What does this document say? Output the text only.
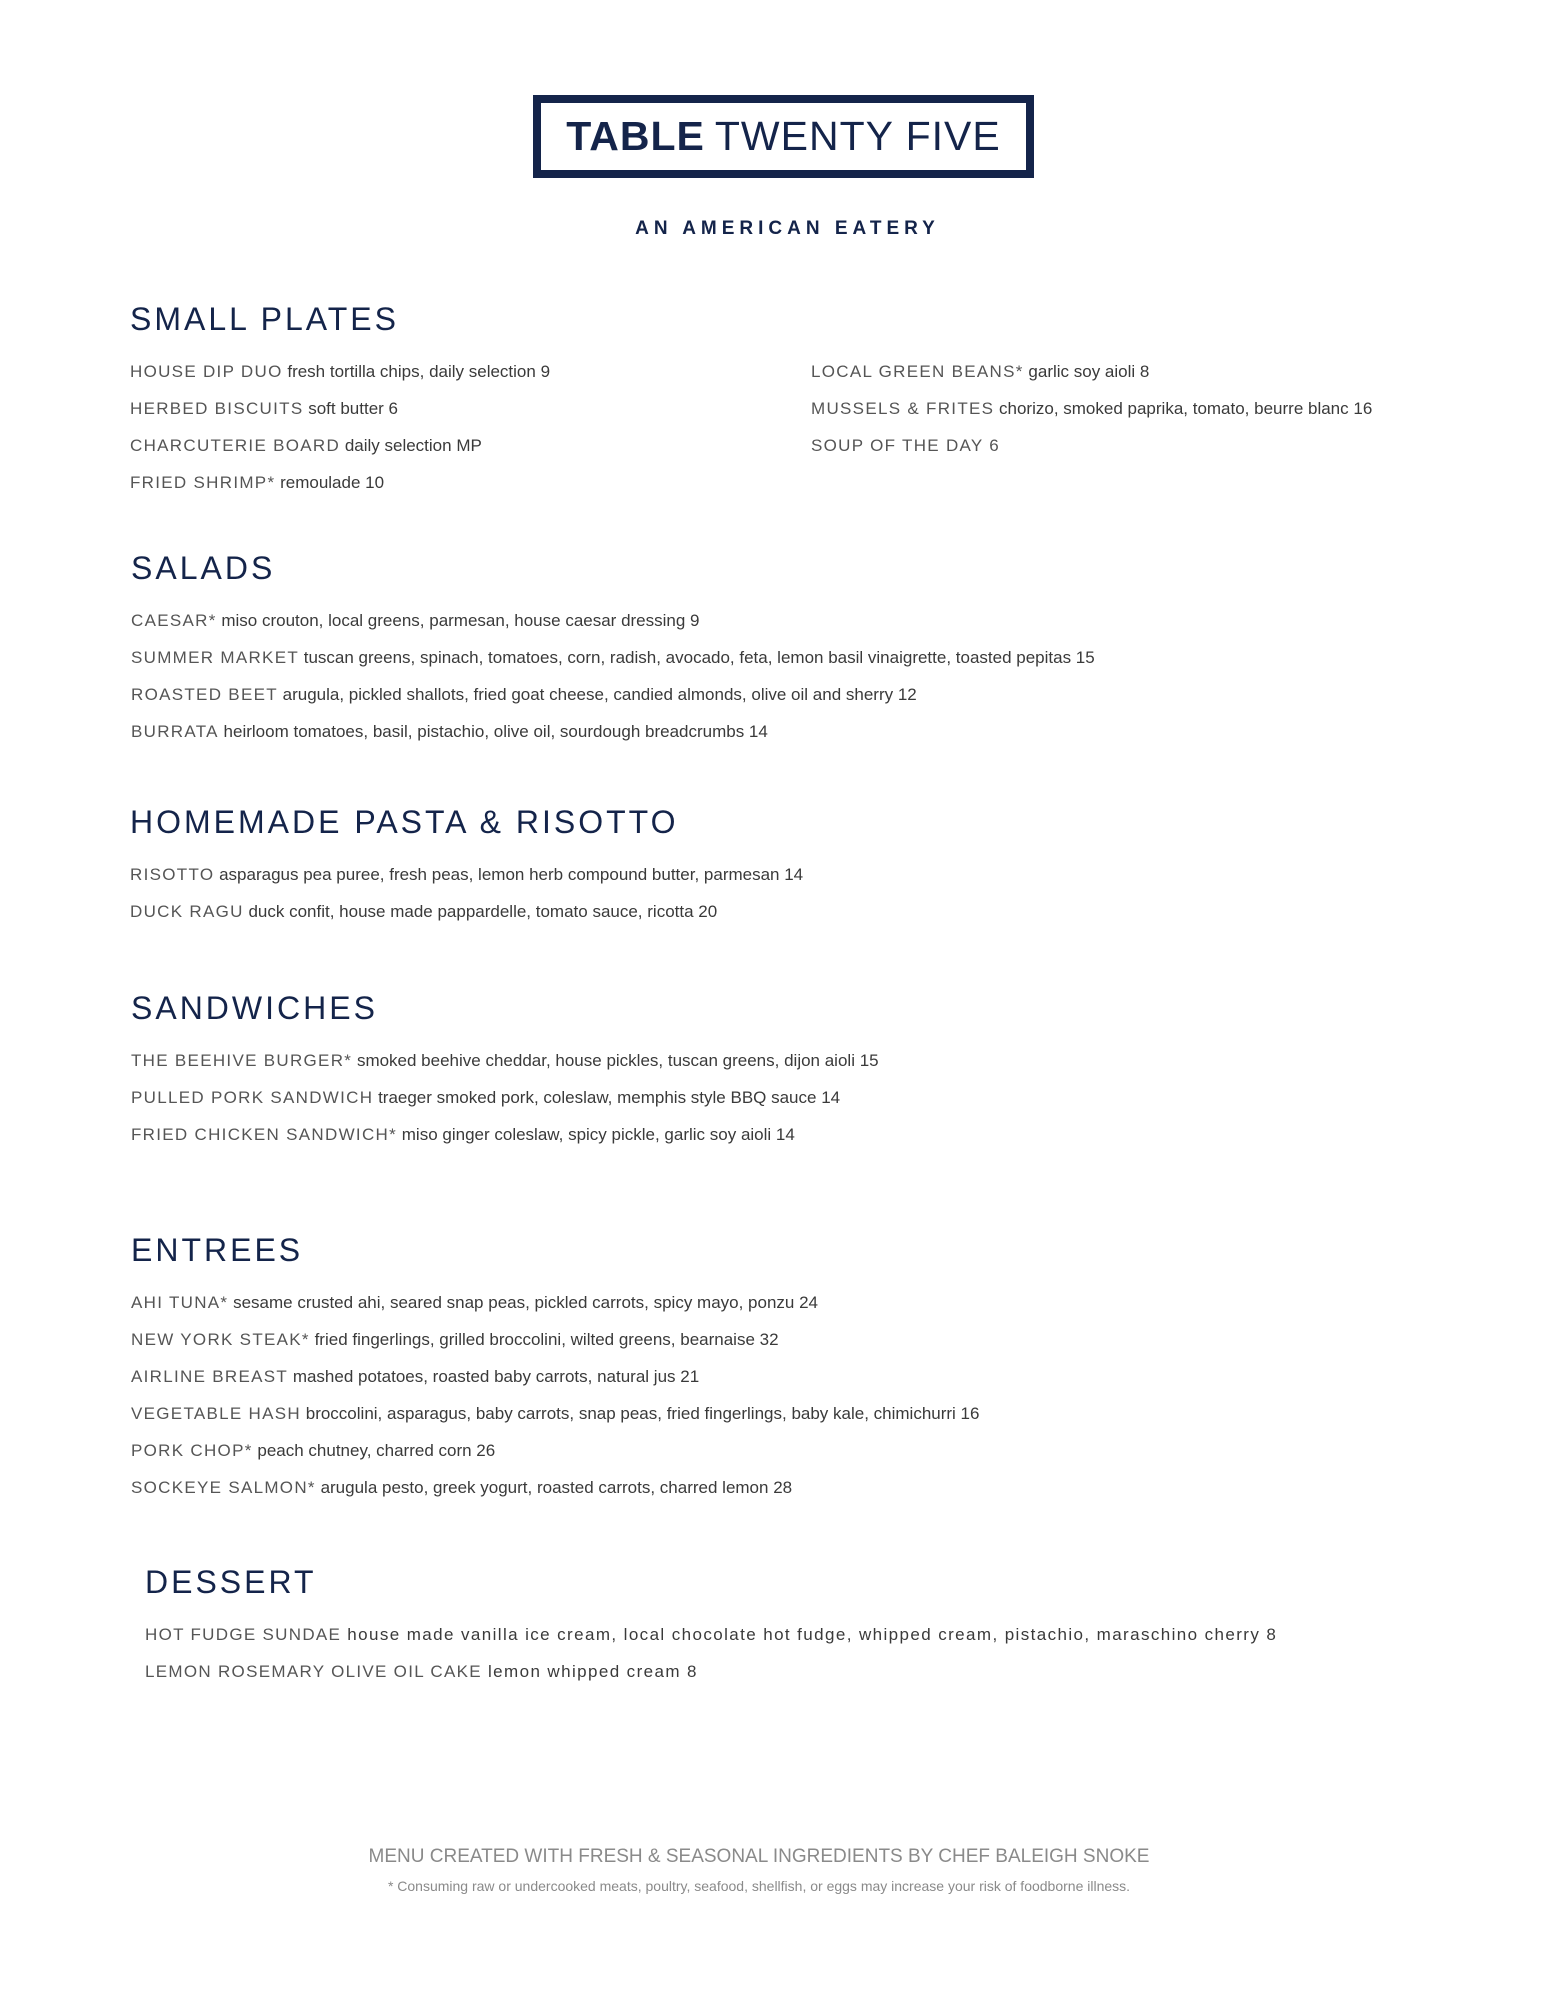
TABLE TWENTY FIVE
AN AMERICAN EATERY
SMALL PLATES
HOUSE DIP DUO fresh tortilla chips, daily selection 9
HERBED BISCUITS soft butter 6
CHARCUTERIE BOARD daily selection MP
FRIED SHRIMP* remoulade 10
LOCAL GREEN BEANS* garlic soy aioli 8
MUSSELS & FRITES chorizo, smoked paprika, tomato, beurre blanc 16
SOUP OF THE DAY 6
SALADS
CAESAR* miso crouton, local greens, parmesan, house caesar dressing 9
SUMMER MARKET tuscan greens, spinach, tomatoes, corn, radish, avocado, feta, lemon basil vinaigrette, toasted pepitas 15
ROASTED BEET arugula, pickled shallots, fried goat cheese, candied almonds, olive oil and sherry 12
BURRATA heirloom tomatoes, basil, pistachio, olive oil, sourdough breadcrumbs 14
HOMEMADE PASTA & RISOTTO
RISOTTO asparagus pea puree, fresh peas, lemon herb compound butter, parmesan 14
DUCK RAGU duck confit, house made pappardelle, tomato sauce, ricotta 20
SANDWICHES
THE BEEHIVE BURGER* smoked beehive cheddar, house pickles, tuscan greens, dijon aioli 15
PULLED PORK SANDWICH traeger smoked pork, coleslaw, memphis style BBQ sauce 14
FRIED CHICKEN SANDWICH* miso ginger coleslaw, spicy pickle, garlic soy aioli 14
ENTREES
AHI TUNA* sesame crusted ahi, seared snap peas, pickled carrots, spicy mayo, ponzu 24
NEW YORK STEAK* fried fingerlings, grilled broccolini, wilted greens, bearnaise 32
AIRLINE BREAST mashed potatoes, roasted baby carrots, natural jus 21
VEGETABLE HASH broccolini, asparagus, baby carrots, snap peas, fried fingerlings, baby kale, chimichurri 16
PORK CHOP* peach chutney, charred corn 26
SOCKEYE SALMON* arugula pesto, greek yogurt, roasted carrots, charred lemon 28
DESSERT
HOT FUDGE SUNDAE house made vanilla ice cream, local chocolate hot fudge, whipped cream, pistachio, maraschino cherry 8
LEMON ROSEMARY OLIVE OIL CAKE lemon whipped cream 8
MENU CREATED WITH FRESH & SEASONAL INGREDIENTS BY CHEF BALEIGH SNOKE
* Consuming raw or undercooked meats, poultry, seafood, shellfish, or eggs may increase your risk of foodborne illness.
